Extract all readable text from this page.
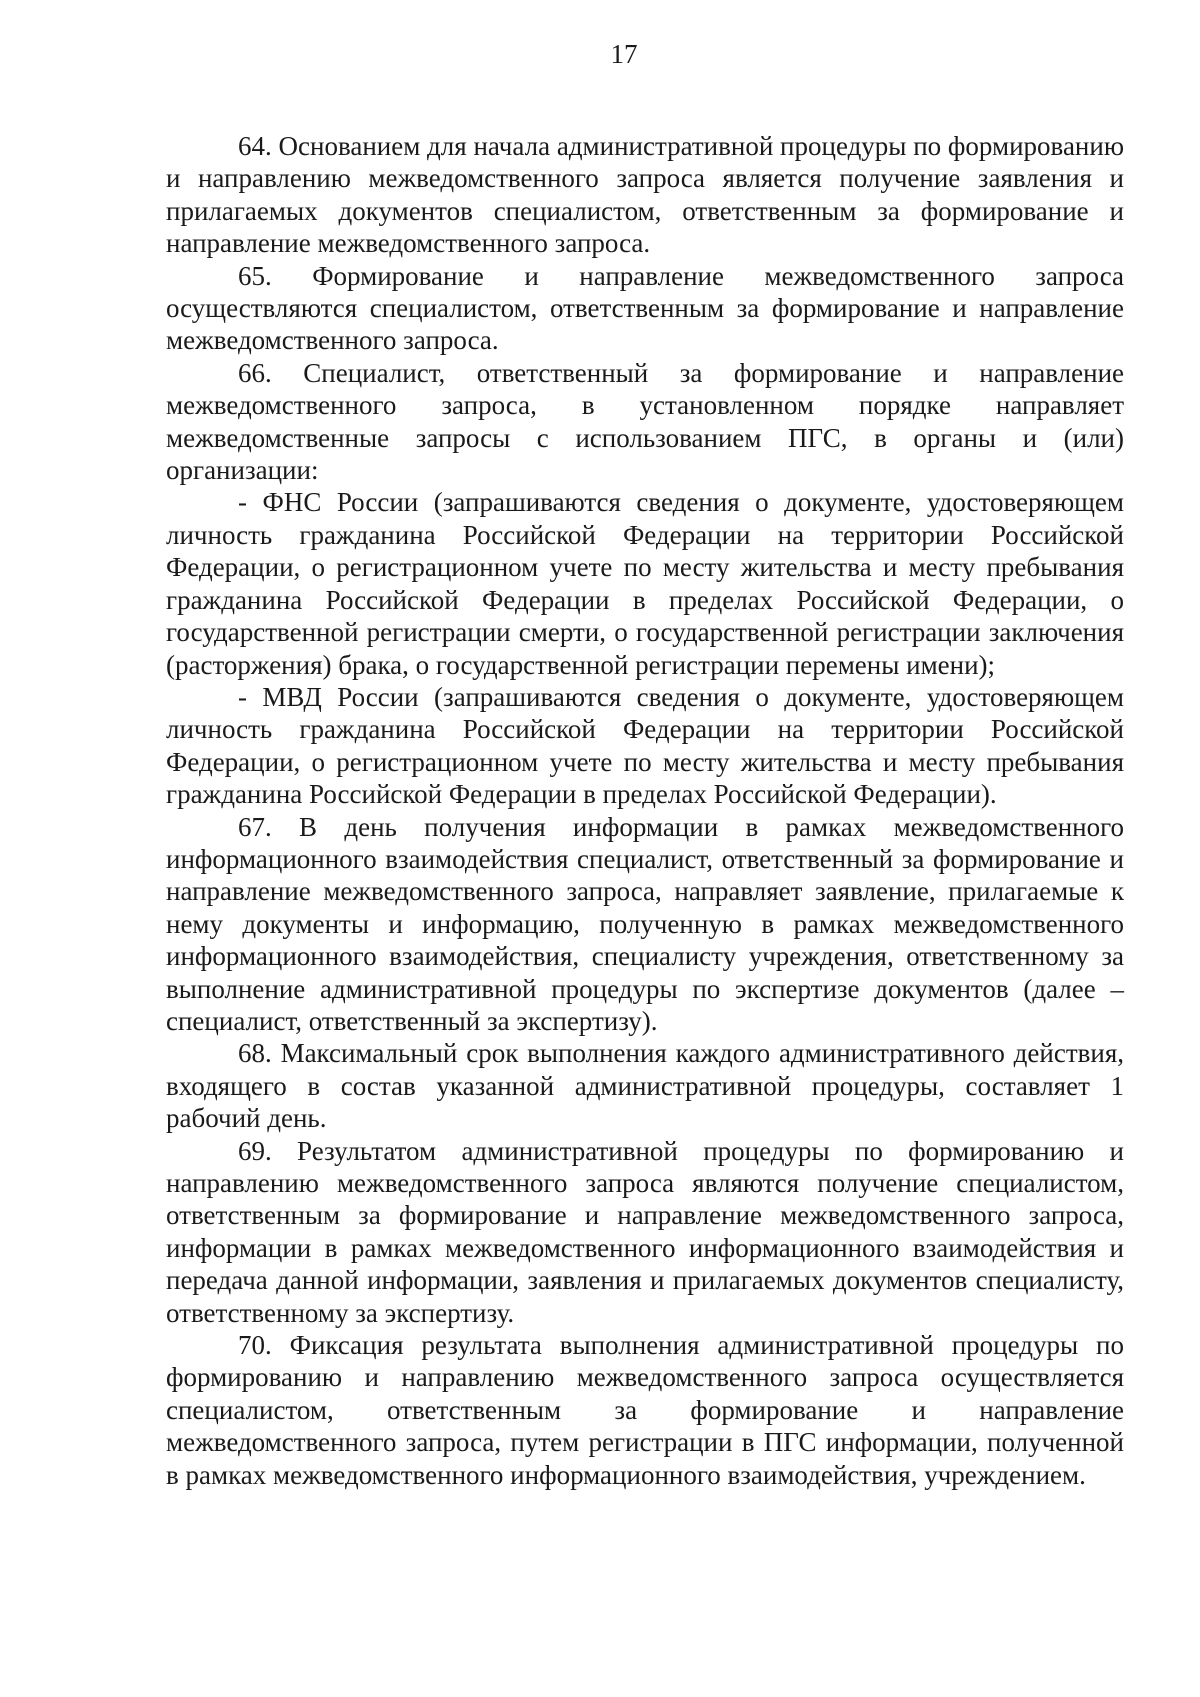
17

64. Основанием для начала административной процедуры по формированию и направлению межведомственного запроса является получение заявления и прилагаемых документов специалистом, ответственным за формирование и направление межведомственного запроса.

65. Формирование и направление межведомственного запроса осуществляются специалистом, ответственным за формирование и направление межведомственного запроса.

66. Специалист, ответственный за формирование и направление межведомственного запроса, в установленном порядке направляет межведомственные запросы с использованием ПГС, в органы и (или) организации:

- ФНС России (запрашиваются сведения о документе, удостоверяющем личность гражданина Российской Федерации на территории Российской Федерации, о регистрационном учете по месту жительства и месту пребывания гражданина Российской Федерации в пределах Российской Федерации, о государственной регистрации смерти, о государственной регистрации заключения (расторжения) брака, о государственной регистрации перемены имени);

- МВД России (запрашиваются сведения о документе, удостоверяющем личность гражданина Российской Федерации на территории Российской Федерации, о регистрационном учете по месту жительства и месту пребывания гражданина Российской Федерации в пределах Российской Федерации).

67. В день получения информации в рамках межведомственного информационного взаимодействия специалист, ответственный за формирование и направление межведомственного запроса, направляет заявление, прилагаемые к нему документы и информацию, полученную в рамках межведомственного информационного взаимодействия, специалисту учреждения, ответственному за выполнение административной процедуры по экспертизе документов (далее – специалист, ответственный за экспертизу).

68. Максимальный срок выполнения каждого административного действия, входящего в состав указанной административной процедуры, составляет 1 рабочий день.

69. Результатом административной процедуры по формированию и направлению межведомственного запроса являются получение специалистом, ответственным за формирование и направление межведомственного запроса, информации в рамках межведомственного информационного взаимодействия и передача данной информации, заявления и прилагаемых документов специалисту, ответственному за экспертизу.

70. Фиксация результата выполнения административной процедуры по формированию и направлению межведомственного запроса осуществляется специалистом, ответственным за формирование и направление межведомственного запроса, путем регистрации в ПГС информации, полученной в рамках межведомственного информационного взаимодействия, учреждением.
